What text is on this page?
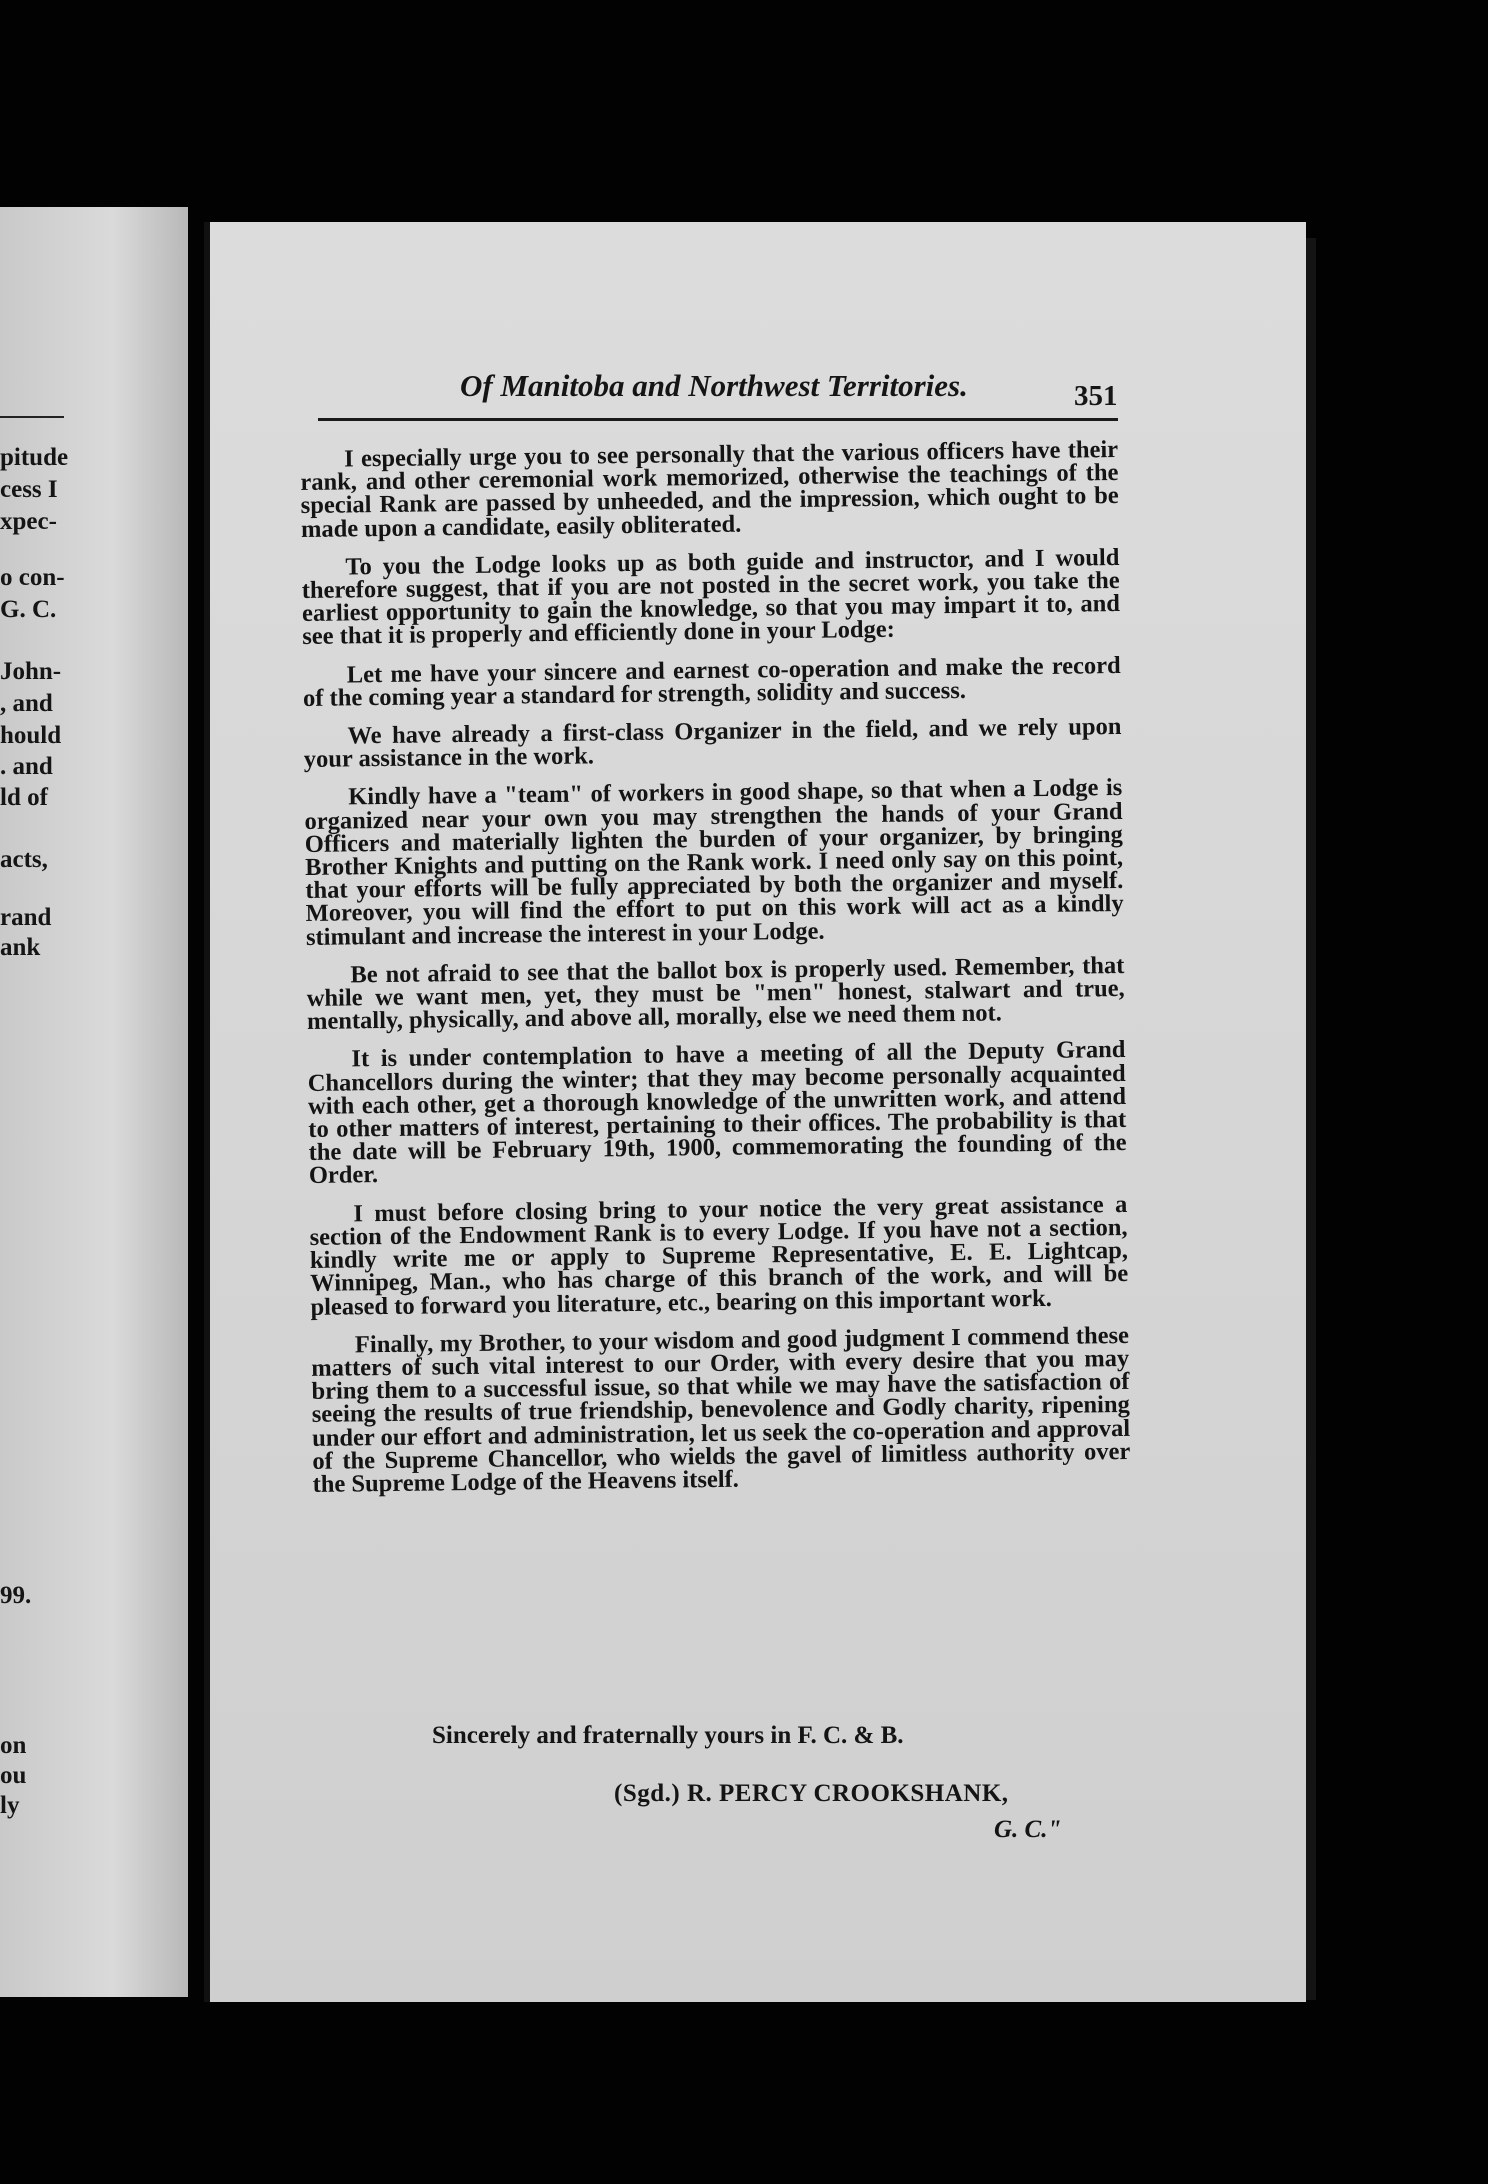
pitude
cess I
xpec-
o con-
G. C.
John-
, and
hould
. and
ld of
acts,
rand
ank
99.
on
ou
ly
Of Manitoba and Northwest Territories.	351

I especially urge you to see personally that the various officers have their rank, and other ceremonial work memorized, otherwise the teachings of the special Rank are passed by unheeded, and the impression, which ought to be made upon a candidate, easily obliterated.

To you the Lodge looks up as both guide and instructor, and I would therefore suggest, that if you are not posted in the secret work, you take the earliest opportunity to gain the knowledge, so that you may impart it to, and see that it is properly and efficiently done in your Lodge:

Let me have your sincere and earnest co-operation and make the record of the coming year a standard for strength, solidity and success.

We have already a first-class Organizer in the field, and we rely upon your assistance in the work.

Kindly have a "team" of workers in good shape, so that when a Lodge is organized near your own you may strengthen the hands of your Grand Officers and materially lighten the burden of your organizer, by bringing Brother Knights and putting on the Rank work. I need only say on this point, that your efforts will be fully appreciated by both the organizer and myself. Moreover, you will find the effort to put on this work will act as a kindly stimulant and increase the interest in your Lodge.

Be not afraid to see that the ballot box is properly used. Remember, that while we want men, yet, they must be "men" honest, stalwart and true, mentally, physically, and above all, morally, else we need them not.

It is under contemplation to have a meeting of all the Deputy Grand Chancellors during the winter; that they may become personally acquainted with each other, get a thorough knowledge of the unwritten work, and attend to other matters of interest, pertaining to their offices. The probability is that the date will be February 19th, 1900, commemorating the founding of the Order.

I must before closing bring to your notice the very great assistance a section of the Endowment Rank is to every Lodge. If you have not a section, kindly write me or apply to Supreme Representative, E. E. Lightcap, Winnipeg, Man., who has charge of this branch of the work, and will be pleased to forward you literature, etc., bearing on this important work.

Finally, my Brother, to your wisdom and good judgment I commend these matters of such vital interest to our Order, with every desire that you may bring them to a successful issue, so that while we may have the satisfaction of seeing the results of true friendship, benevolence and Godly charity, ripening under our effort and administration, let us seek the co-operation and approval of the Supreme Chancellor, who wields the gavel of limitless authority over the Supreme Lodge of the Heavens itself.

Sincerely and fraternally yours in F. C. & B.
(Sgd.) R. PERCY CROOKSHANK,
G. C."
